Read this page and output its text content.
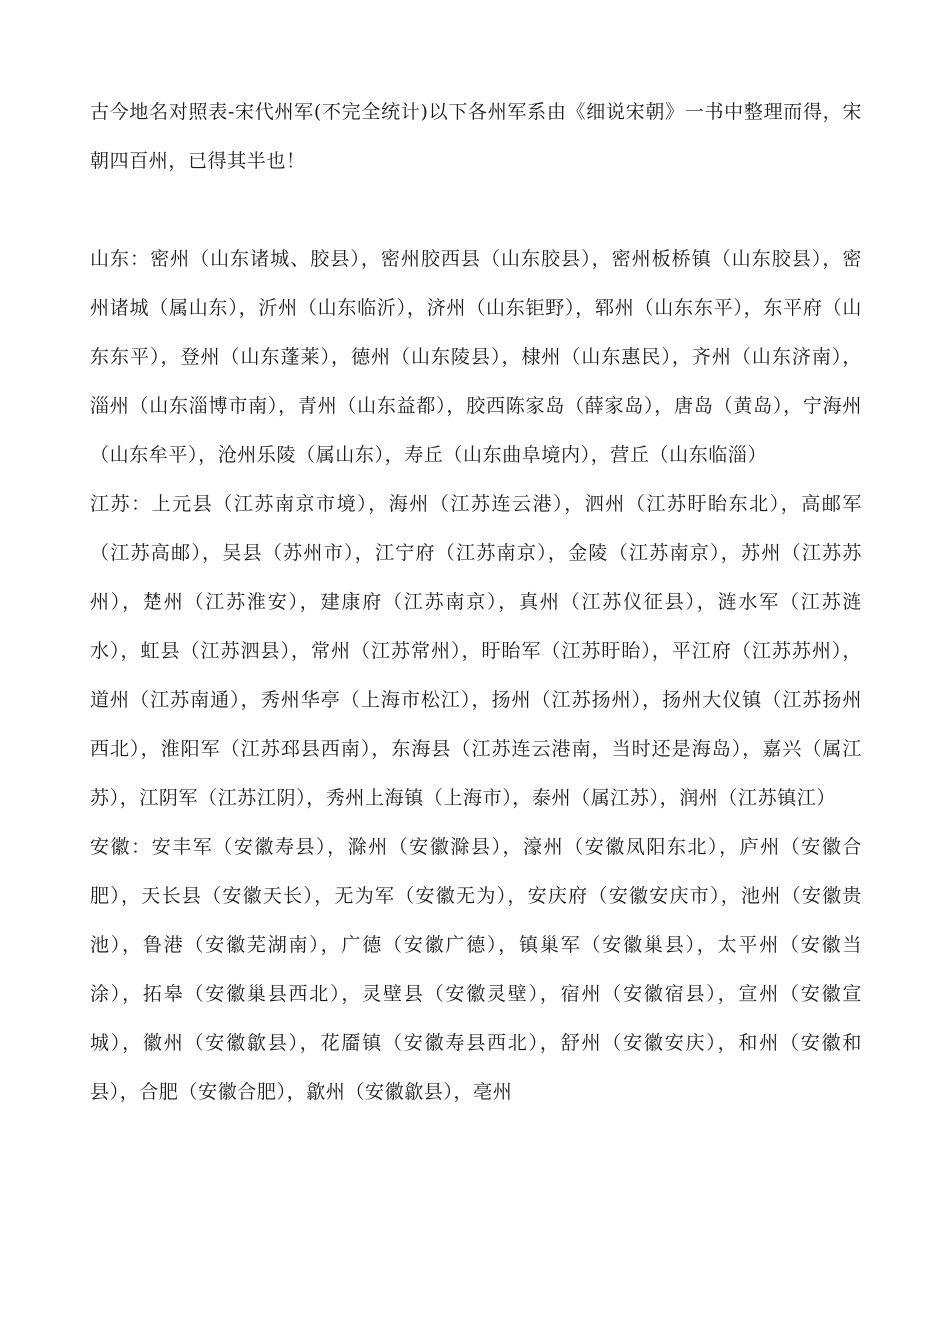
古今地名对照表-宋代州军(不完全统计)以下各州军系由《细说宋朝》一书中整理而得，宋朝四百州，已得其半也！

山东：密州（山东诸城、胶县），密州胶西县（山东胶县），密州板桥镇（山东胶县），密州诸城（属山东），沂州（山东临沂），济州（山东钜野），郓州（山东东平），东平府（山东东平），登州（山东蓬莱），德州（山东陵县），棣州（山东惠民），齐州（山东济南），淄州（山东淄博市南），青州（山东益都），胶西陈家岛（薛家岛），唐岛（黄岛），宁海州（山东牟平），沧州乐陵（属山东），寿丘（山东曲阜境内），营丘（山东临淄）

江苏：上元县（江苏南京市境），海州（江苏连云港），泗州（江苏盱眙东北），高邮军（江苏高邮），吴县（苏州市），江宁府（江苏南京），金陵（江苏南京），苏州（江苏苏州），楚州（江苏淮安），建康府（江苏南京），真州（江苏仪征县），涟水军（江苏涟水），虹县（江苏泗县），常州（江苏常州），盱眙军（江苏盱眙），平江府（江苏苏州），道州（江苏南通），秀州华亭（上海市松江），扬州（江苏扬州），扬州大仪镇（江苏扬州西北），淮阳军（江苏邳县西南），东海县（江苏连云港南，当时还是海岛），嘉兴（属江苏），江阴军（江苏江阴），秀州上海镇（上海市），泰州（属江苏），润州（江苏镇江）

安徽：安丰军（安徽寿县），滁州（安徽滁县），濠州（安徽凤阳东北），庐州（安徽合肥），天长县（安徽天长），无为军（安徽无为），安庆府（安徽安庆市），池州（安徽贵池），鲁港（安徽芜湖南），广德（安徽广德），镇巢军（安徽巢县），太平州（安徽当涂），拓皋（安徽巢县西北），灵壁县（安徽灵壁），宿州（安徽宿县），宣州（安徽宣城），徽州（安徽歙县），花靥镇（安徽寿县西北），舒州（安徽安庆），和州（安徽和县），合肥（安徽合肥），歙州（安徽歙县），亳州
